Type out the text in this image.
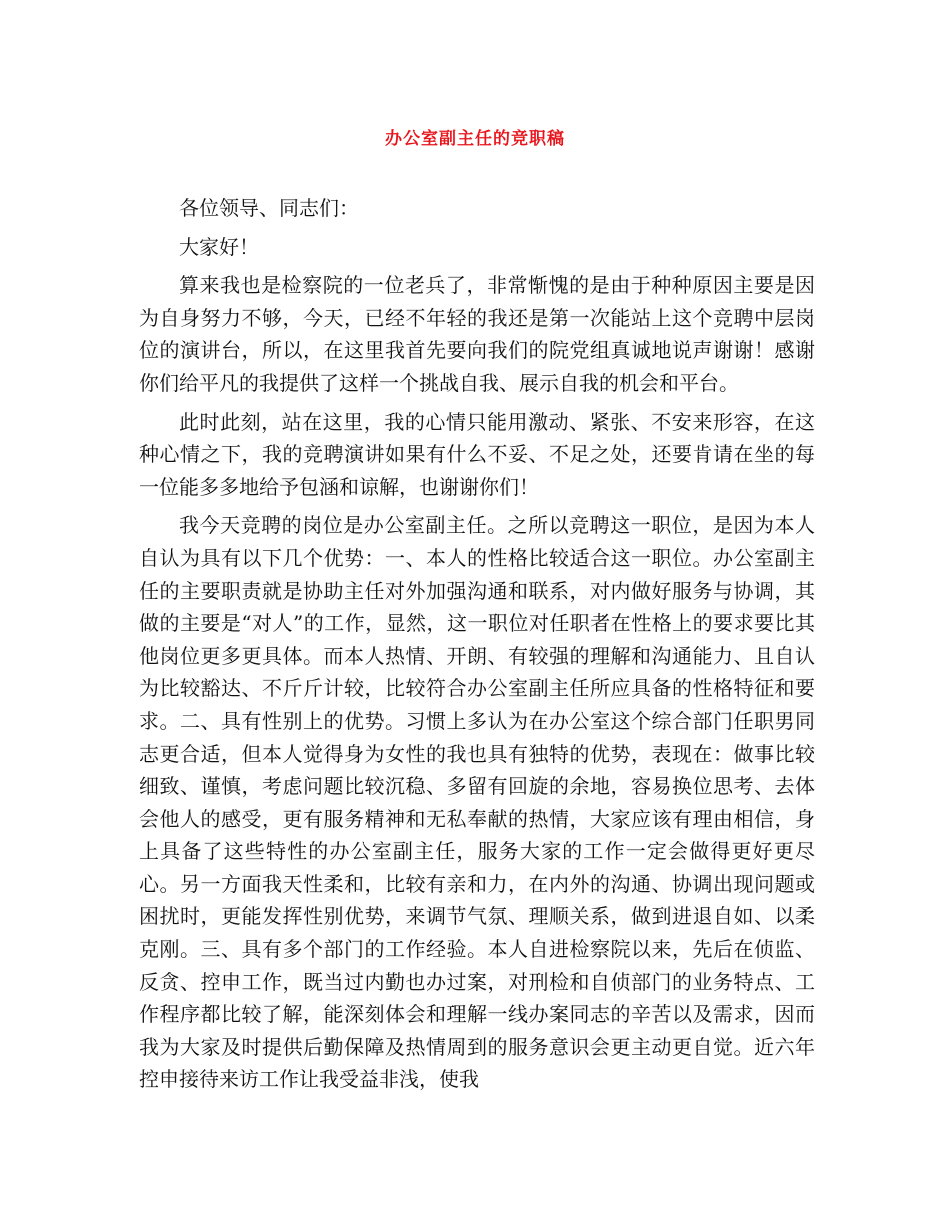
办公室副主任的竞职稿

各位领导、同志们：

大家好！

算来我也是检察院的一位老兵了，非常惭愧的是由于种种原因主要是因为自身努力不够，今天，已经不年轻的我还是第一次能站上这个竞聘中层岗位的演讲台，所以，在这里我首先要向我们的院党组真诚地说声谢谢！感谢你们给平凡的我提供了这样一个挑战自我、展示自我的机会和平台。

此时此刻，站在这里，我的心情只能用激动、紧张、不安来形容，在这种心情之下，我的竞聘演讲如果有什么不妥、不足之处，还要肯请在坐的每一位能多多地给予包涵和谅解，也谢谢你们！

我今天竞聘的岗位是办公室副主任。之所以竞聘这一职位，是因为本人自认为具有以下几个优势：一、本人的性格比较适合这一职位。办公室副主任的主要职责就是协助主任对外加强沟通和联系，对内做好服务与协调，其做的主要是“对人”的工作，显然，这一职位对任职者在性格上的要求要比其他岗位更多更具体。而本人热情、开朗、有较强的理解和沟通能力、且自认为比较豁达、不斤斤计较，比较符合办公室副主任所应具备的性格特征和要求。二、具有性别上的优势。习惯上多认为在办公室这个综合部门任职男同志更合适，但本人觉得身为女性的我也具有独特的优势，表现在：做事比较细致、谨慎，考虑问题比较沉稳、多留有回旋的余地，容易换位思考、去体会他人的感受，更有服务精神和无私奉献的热情，大家应该有理由相信，身上具备了这些特性的办公室副主任，服务大家的工作一定会做得更好更尽心。另一方面我天性柔和，比较有亲和力，在内外的沟通、协调出现问题或困扰时，更能发挥性别优势，来调节气氛、理顺关系，做到进退自如、以柔克刚。三、具有多个部门的工作经验。本人自进检察院以来，先后在侦监、反贪、控申工作，既当过内勤也办过案，对刑检和自侦部门的业务特点、工作程序都比较了解，能深刻体会和理解一线办案同志的辛苦以及需求，因而我为大家及时提供后勤保障及热情周到的服务意识会更主动更自觉。近六年控申接待来访工作让我受益非浅，使我
